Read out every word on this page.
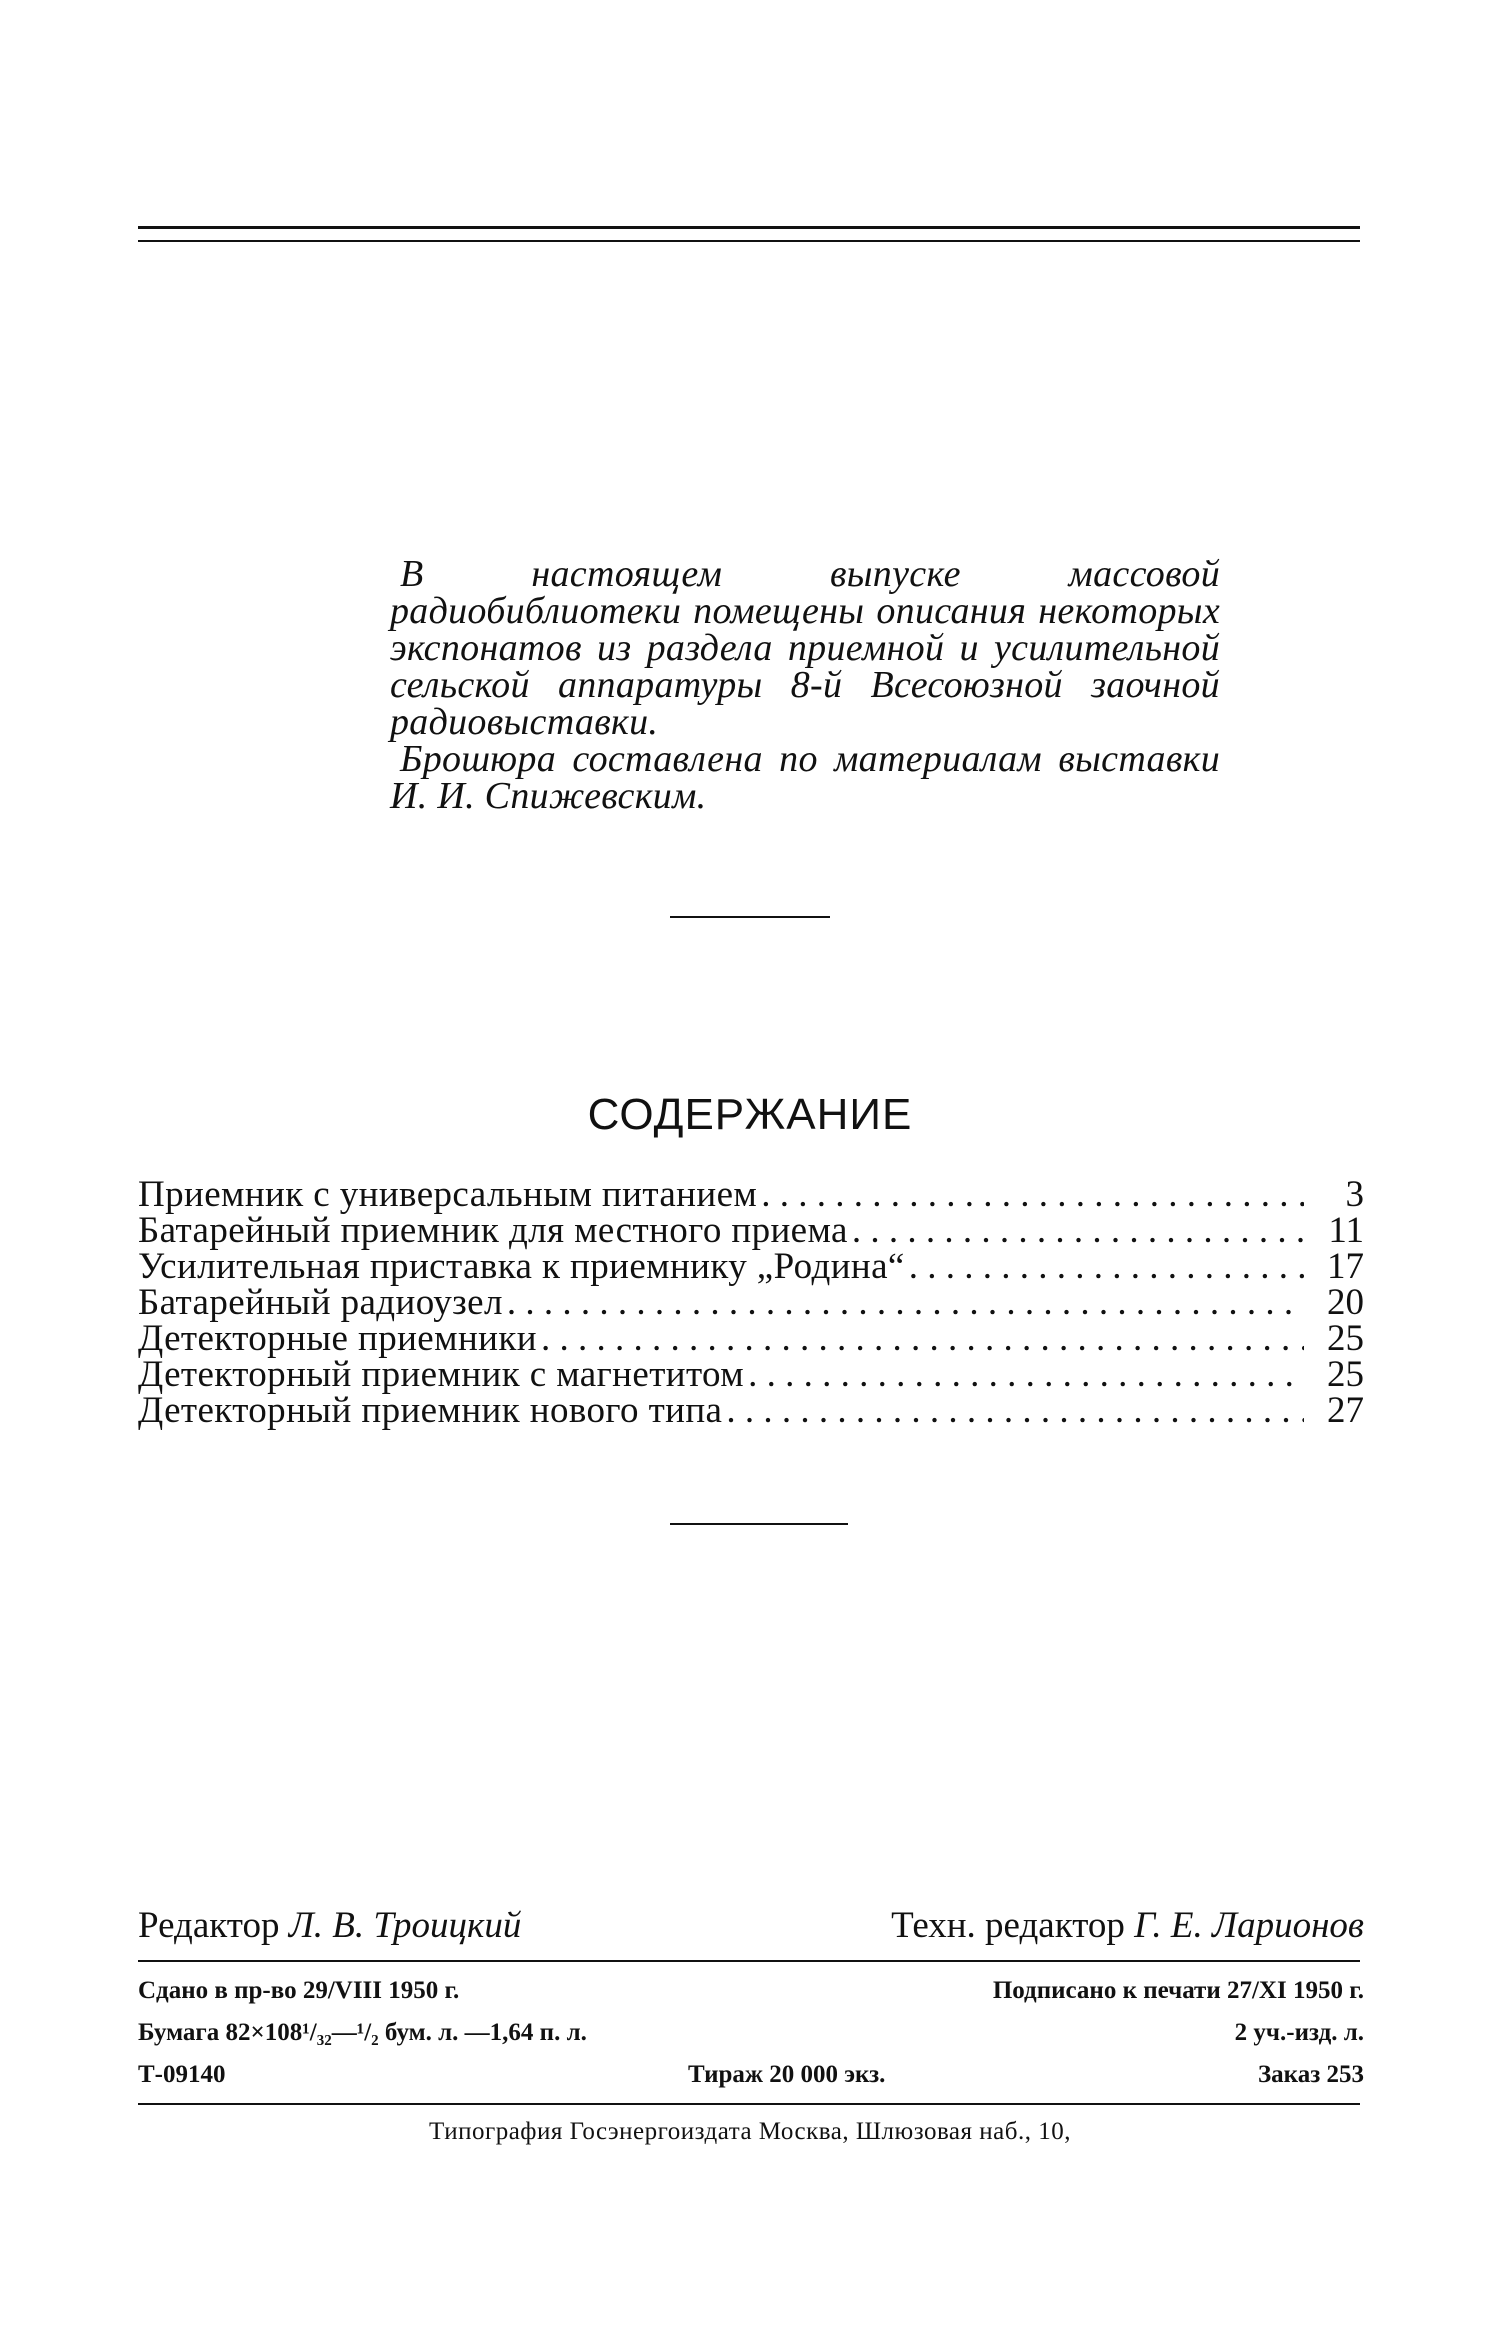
В настоящем выпуске массовой радиобиблиотеки помещены описания некоторых экспонатов из раздела приемной и усилительной сельской аппаратуры 8-й Всесоюзной заочной радиовыставки.

Брошюра составлена по материалам выставки И. И. Спижевским.

СОДЕРЖАНИЕ
Приемник с универсальным питанием . . .	3
Батарейный приемник для местного приема . . .	11
Усилительная приставка к приемнику „Родина“ . . .	17
Батарейный радиоузел . . .	20
Детекторные приемники . . .	25
Детекторный приемник с магнетитом . . .	25
Детекторный приемник нового типа . . .	27
Редактор Л. В. Троицкий	Техн. редактор Г. Е. Ларионов
Сдано в пр-во 29/VIII 1950 г.	Подписано к печати 27/XI 1950 г.
Бумага 82×108¹/₃₂—¹/₂ бум. л. —1,64 п. л.	2 уч.-изд. л.
Т-09140	Тираж 20 000 экз.	Заказ 253
Типография Госэнергоиздата Москва, Шлюзовая наб., 10,
